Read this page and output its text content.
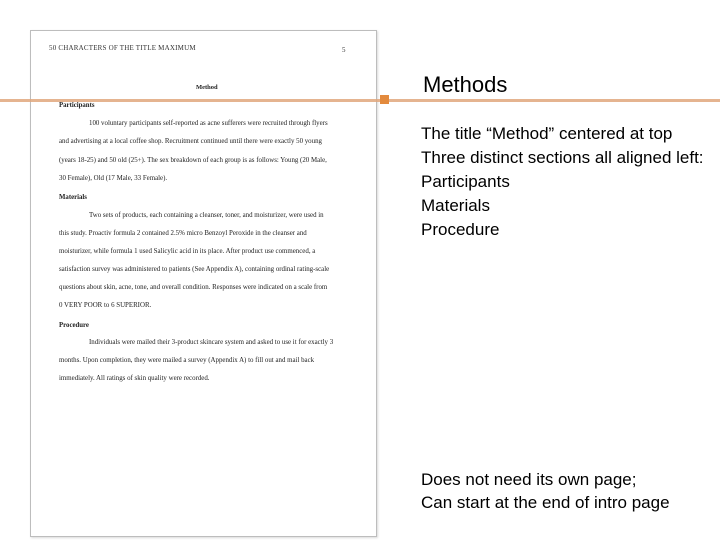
50 CHARACTERS OF THE TITLE MAXIMUM	5
Method
Participants
100 voluntary participants self-reported as acne sufferers were recruited through flyers
and advertising at a local coffee shop. Recruitment continued until there were exactly 50 young
(years 18-25) and 50 old (25+). The sex breakdown of each group is as follows: Young (20 Male,
30 Female), Old (17 Male, 33 Female).
Materials
Two sets of products, each containing a cleanser, toner, and moisturizer, were used in
this study. Proactiv formula 2 contained 2.5% micro Benzoyl Peroxide in the cleanser and
moisturizer, while formula 1 used Salicylic acid in its place. After product use commenced, a
satisfaction survey was administered to patients (See Appendix A), containing ordinal rating-scale
questions about skin, acne, tone, and overall condition. Responses were indicated on a scale from
0 VERY POOR to 6 SUPERIOR.
Procedure
Individuals were mailed their 3-product skincare system and asked to use it for exactly 3
months. Upon completion, they were mailed a survey (Appendix A) to fill out and mail back
immediately. All ratings of skin quality were recorded.
Methods
The title “Method” centered at top
Three distinct sections all aligned left:
Participants
Materials
Procedure
Does not need its own page;
Can start at the end of intro page
